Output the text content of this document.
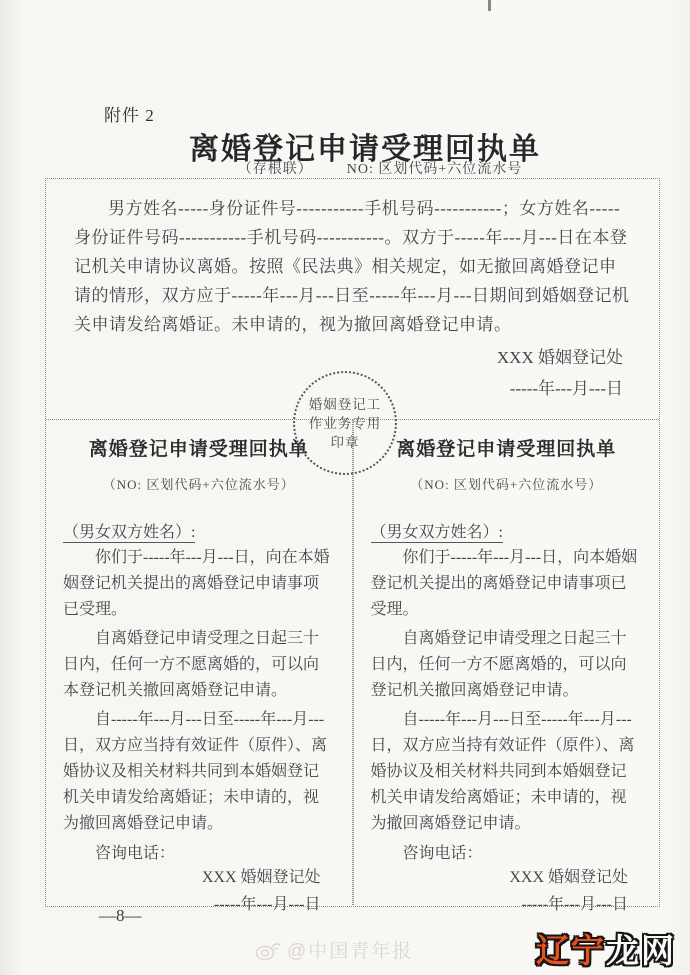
附件 2
离婚登记申请受理回执单
（存根联） NO: 区划代码+六位流水号

男方姓名-----身份证件号-----------手机号码-----------；女方姓名-----身份证件号码-----------手机号码-----------。双方于-----年---月---日在本登记机关申请协议离婚。按照《民法典》相关规定，如无撤回离婚登记申请的情形，双方应于-----年---月---日至-----年---月---日期间到婚姻登记机关申请发给离婚证。未申请的，视为撤回离婚登记申请。

XXX 婚姻登记处
-----年---月---日
离婚登记申请受理回执单
（NO: 区划代码+六位流水号）
（男女双方姓名）:

你们于-----年---月---日，向在本婚姻登记机关提出的离婚登记申请事项已受理。

自离婚登记申请受理之日起三十日内，任何一方不愿离婚的，可以向本登记机关撤回离婚登记申请。

自-----年---月---日至-----年---月---日，双方应当持有效证件（原件）、离婚协议及相关材料共同到本婚姻登记机关申请发给离婚证；未申请的，视为撤回离婚登记申请。

咨询电话：
XXX 婚姻登记处
-----年---月---日
离婚登记申请受理回执单
（NO: 区划代码+六位流水号）
（男女双方姓名）:

你们于-----年---月---日，向本婚姻登记机关提出的离婚登记申请事项已受理。

自离婚登记申请受理之日起三十日内，任何一方不愿离婚的，可以向登记机关撤回离婚登记申请。

自-----年---月---日至-----年---月---日，双方应当持有效证件（原件）、离婚协议及相关材料共同到本婚姻登记机关申请发给离婚证；未申请的，视为撤回离婚登记申请。

咨询电话：
XXX 婚姻登记处
-----年---月---日
婚姻登记工
作业务专用
印章
—8—
@中国青年报	辽宁龙网
